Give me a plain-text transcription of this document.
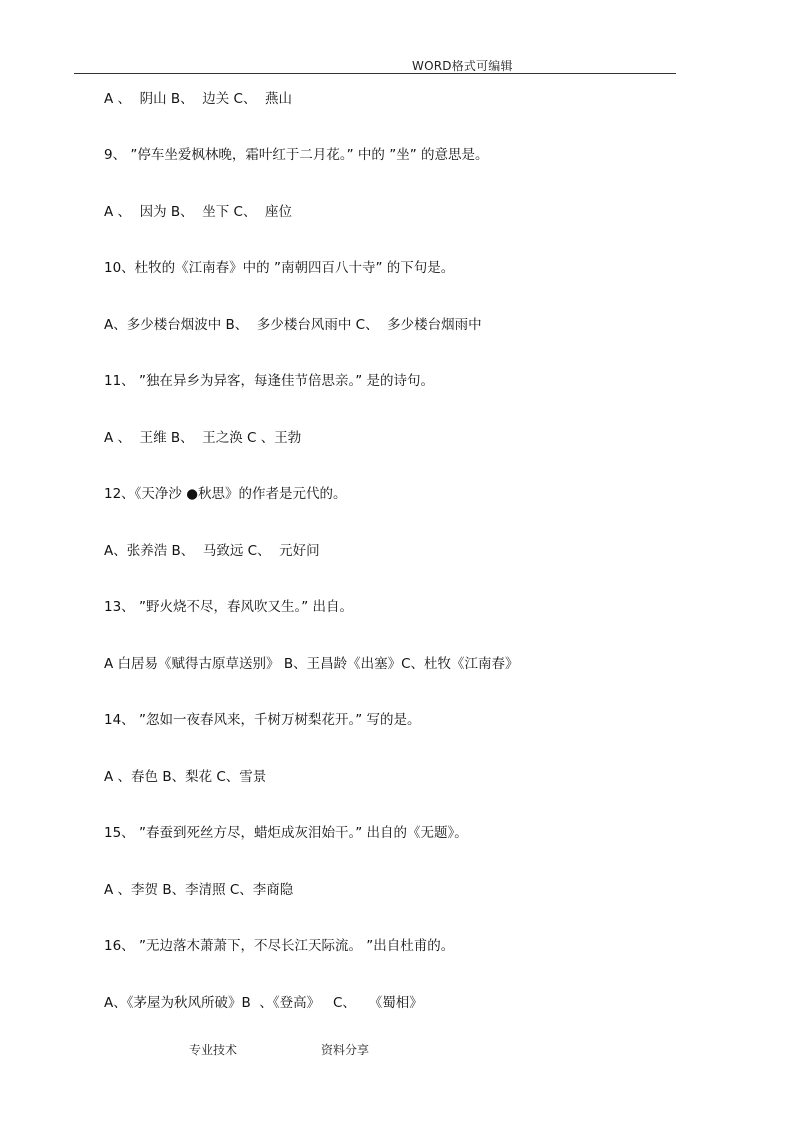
WORD格式可编辑
A 、  阴山 B、  边关 C、  燕山
9、 ”停车坐爱枫林晚，霜叶红于二月花。” 中的 ”坐” 的意思是。
A 、  因为 B、  坐下 C、  座位
10、杜牧的《江南春》中的 ”南朝四百八十寺” 的下句是。
A、多少楼台烟波中 B、  多少楼台风雨中 C、  多少楼台烟雨中
11、 ”独在异乡为异客，每逢佳节倍思亲。” 是的诗句。
A 、  王维 B、  王之涣 C 、王勃
12、《天净沙 ●秋思》的作者是元代的。
A、张养浩 B、  马致远 C、  元好问
13、 ”野火烧不尽，春风吹又生。” 出自。
A 白居易《赋得古原草送别》 B、王昌龄《出塞》C、杜牧《江南春》
14、 ”忽如一夜春风来，千树万树梨花开。” 写的是。
A 、春色 B、梨花 C、雪景
15、 ”春蚕到死丝方尽，蜡炬成灰泪始干。” 出自的《无题》。
A 、李贺 B、李清照 C、李商隐
16、 ”无边落木萧萧下，不尽长江天际流。 ”出自杜甫的。
A、《茅屋为秋风所破》B  、《登高》   C、   《蜀相》
专业技术	资料分享
